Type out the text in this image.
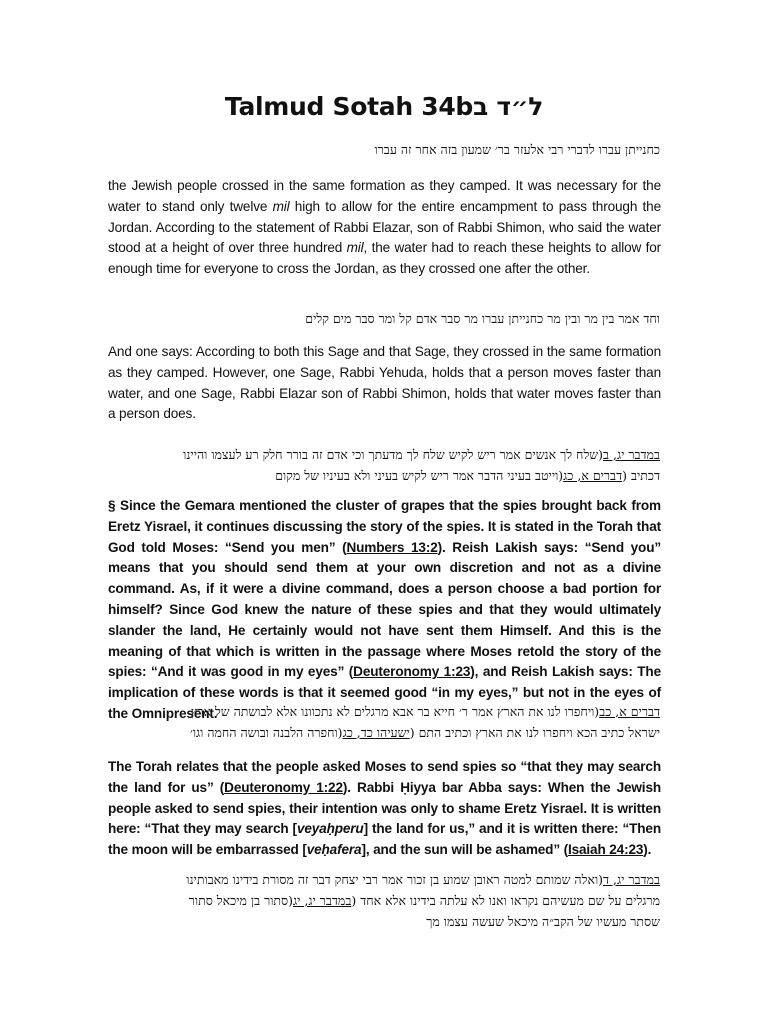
Talmud Sotah 34bל״ד ב
כחנייתן עברו לדברי רבי אלעזר בר׳ שמעון בזה אחר זה עברו
the Jewish people crossed in the same formation as they camped. It was necessary for the water to stand only twelve mil high to allow for the entire encampment to pass through the Jordan. According to the statement of Rabbi Elazar, son of Rabbi Shimon, who said the water stood at a height of over three hundred mil, the water had to reach these heights to allow for enough time for everyone to cross the Jordan, as they crossed one after the other.
וחד אמר בין מר ובין מר כחנייתן עברו מר סבר אדם קל ומר סבר מים קלים
And one says: According to both this Sage and that Sage, they crossed in the same formation as they camped. However, one Sage, Rabbi Yehuda, holds that a person moves faster than water, and one Sage, Rabbi Elazar son of Rabbi Shimon, holds that water moves faster than a person does.
במדבר יג, ב(שלח לך אנשים אמר ריש לקיש שלח לך מדעתך וכי אדם זה בורר חלק רע לעצמו והיינו
דכתיב (דברים א, כג(וייטב בעיני הדבר אמר ריש לקיש בעיני ולא בעיניו של מקום
§ Since the Gemara mentioned the cluster of grapes that the spies brought back from Eretz Yisrael, it continues discussing the story of the spies. It is stated in the Torah that God told Moses: “Send you men” (Numbers 13:2). Reish Lakish says: “Send you” means that you should send them at your own discretion and not as a divine command. As, if it were a divine command, does a person choose a bad portion for himself? Since God knew the nature of these spies and that they would ultimately slander the land, He certainly would not have sent them Himself. And this is the meaning of that which is written in the passage where Moses retold the story of the spies: “And it was good in my eyes” (Deuteronomy 1:23), and Reish Lakish says: The implication of these words is that it seemed good “in my eyes,” but not in the eyes of the Omnipresent.	דברים א, כב(ויחפרו לנו את הארץ אמר ר׳ חייא בר אבא מרגלים לא נתכוונו אלא לבושתה של ארץ
ישראל כתיב הכא ויחפרו לנו את הארץ וכתיב התם (ישעיהו כד, כג(וחפרה הלבנה ובושה החמה וגו׳
The Torah relates that the people asked Moses to send spies so “that they may search the land for us” (Deuteronomy 1:22). Rabbi Ḥiyya bar Abba says: When the Jewish people asked to send spies, their intention was only to shame Eretz Yisrael. It is written here: “That they may search [veyaḥperu] the land for us,” and it is written there: “Then the moon will be embarrassed [veḥafera], and the sun will be ashamed” (Isaiah 24:23).
במדבר יג, ד(ואלה שמותם למטה ראובן שמוע בן זכור אמר רבי יצחק דבר זה מסורת בידינו מאבותינו
מרגלים על שם מעשיהם נקראו ואנו לא עלתה בידינו אלא אחד (במדבר יג, יג(סתור בן מיכאל סתור
שסתר מעשיו של הקב״ה מיכאל שעשה עצמו מך
